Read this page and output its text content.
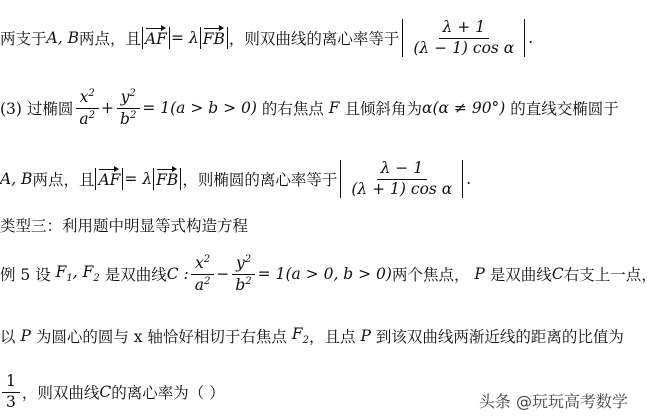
两支于 A, B 两点，且 AF = λ FB ，则双曲线的离心率等于 $\frac{\lambda + 1}{\text{(λ − 1) cos α}}$ .
(3) 过椭圆 $\frac{x^2}{a^2} + \frac{y^2}{b^2} = 1(a > b > 0)$
的右焦点
F
且倾斜角为 α(α ≠ 90°)
的直线交椭圆于
A, B 两点，且 AF = λ FB ，则椭圆的离心率等于 $\frac{\lambda - 1}{\text{(λ + 1) cos α}}$ .
类型三：利用题中明显等式构造方程
例 5 设 $F_1$, $F_2$ 是双曲线 C : $\frac{x^2}{a^2} - \frac{y^2}{b^2} = 1(a > 0$, b > 0) 两个焦点，
P
是双曲线 C 右支上一点，
以
P
为圆心的圆与 x 轴恰好相切于右焦点 $F_2$ ，且点 P 到该双曲线两渐近线的距离的比值为
$\frac{1}{3}$ ，则双曲线 C 的离心率为（ ）	头条 @玩玩高考数学
